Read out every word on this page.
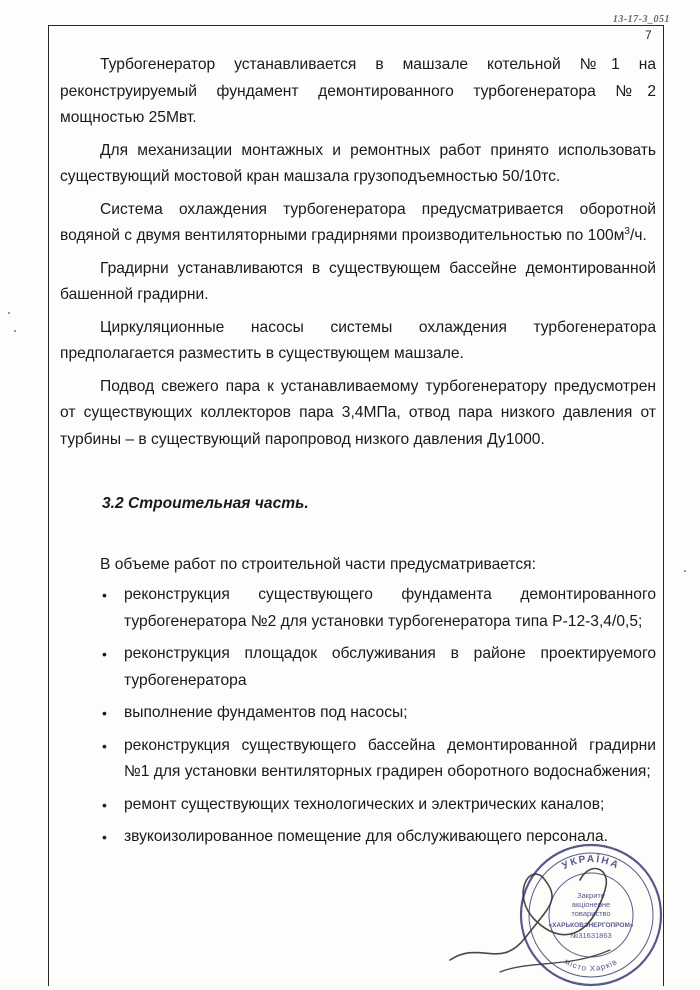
13-17-3_051
7

Турбогенератор устанавливается в машзале котельной №1 на реконструируемый фундамент демонтированного турбогенератора №2 мощностью 25Мвт.

Для механизации монтажных и ремонтных работ принято использовать существующий мостовой кран машзала грузоподъемностью 50/10тс.

Система охлаждения турбогенератора предусматривается оборотной водяной с двумя вентиляторными градирнями производительностью по $100м^3/ч$.

Градирни устанавливаются в существующем бассейне демонтированной башенной градирни.

Циркуляционные насосы системы охлаждения турбогенератора предполагается разместить в существующем машзале.

Подвод свежего пара к устанавливаемому турбогенератору предусмотрен от существующих коллекторов пара 3,4МПа, отвод пара низкого давления от турбины – в существующий паропровод низкого давления Ду1000.

3.2 Строительная часть.

В объеме работ по строительной части предусматривается:

• реконструкция существующего фундамента демонтированного турбогенератора №2 для установки турбогенератора типа Р-12-3,4/0,5;
• реконструкция площадок обслуживания в районе проектируемого турбогенератора
• выполнение фундаментов под насосы;
• реконструкция существующего бассейна демонтированной градирни №1 для установки вентиляторных градирен оборотного водоснабжения;
• ремонт существующих технологических и электрических каналов;
• звукоизолированное помещение для обслуживающего персонала.
УКРАЇНА
місто Харків
Закрите
акціонерне
товариство
«ХАРЬКОВЭНЕРГОПРОМ»
№31631863
